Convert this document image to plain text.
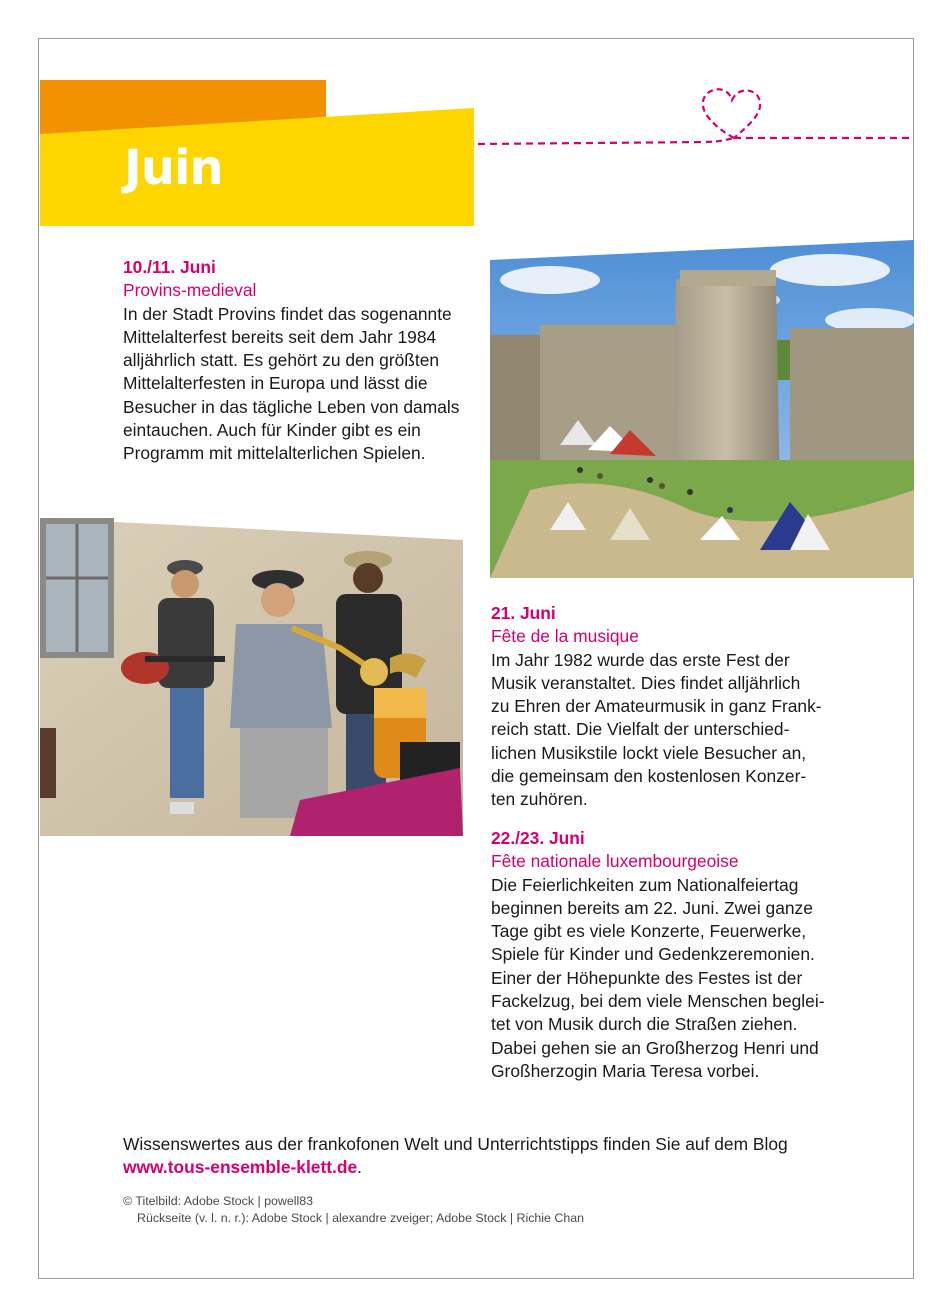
Juin
10./11. Juni
Provins-medieval
In der Stadt Provins findet das sogenannte
Mittelalterfest bereits seit dem Jahr 1984
alljährlich statt. Es gehört zu den größten
Mittelalterfesten in Europa und lässt die
Besucher in das tägliche Leben von damals
eintauchen. Auch für Kinder gibt es ein
Programm mit mittelalterlichen Spielen.
21. Juni
Fête de la musique
Im Jahr 1982 wurde das erste Fest der
Musik veranstaltet. Dies findet alljährlich
zu Ehren der Amateurmusik in ganz Frank-
reich statt. Die Vielfalt der unterschied-
lichen Musikstile lockt viele Besucher an,
die gemeinsam den kostenlosen Konzer-
ten zuhören.
22./23. Juni
Fête nationale luxembourgeoise
Die Feierlichkeiten zum Nationalfeiertag
beginnen bereits am 22. Juni. Zwei ganze
Tage gibt es viele Konzerte, Feuerwerke,
Spiele für Kinder und Gedenkzeremonien.
Einer der Höhepunkte des Festes ist der
Fackelzug, bei dem viele Menschen beglei-
tet von Musik durch die Straßen ziehen.
Dabei gehen sie an Großherzog Henri und
Großherzogin Maria Teresa vorbei.
Wissenswertes aus der frankofonen Welt und Unterrichtstipps finden Sie auf dem Blog
www.tous-ensemble-klett.de.
© Titelbild: Adobe Stock | powell83
Rückseite (v. l. n. r.): Adobe Stock | alexandre zveiger; Adobe Stock | Richie Chan
